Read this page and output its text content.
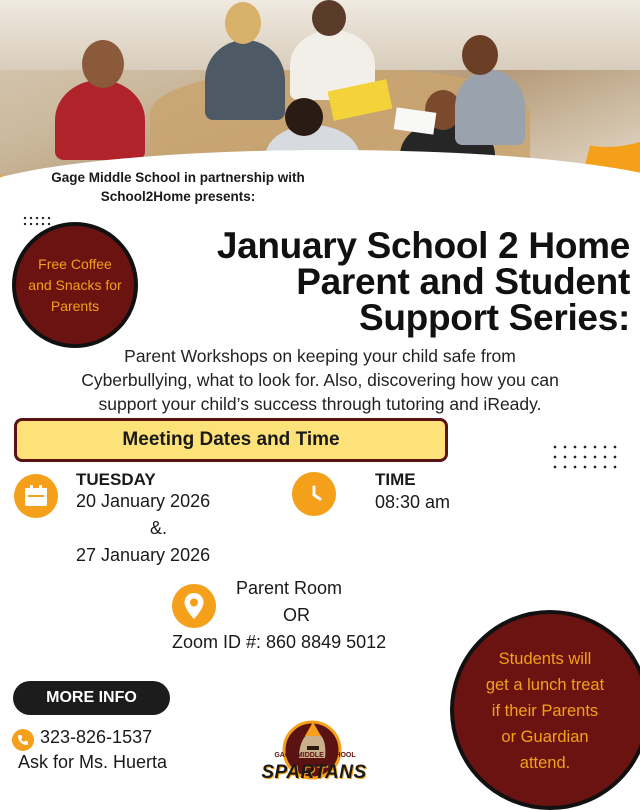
Gage Middle School in partnership with
School2Home presents:
Free Coffee
and Snacks for
Parents
January School 2 Home
Parent and Student
Support Series:
Parent Workshops on keeping your child safe from
Cyberbullying, what to look for. Also, discovering how you can
support your child’s success through tutoring and iReady.
Meeting Dates and Time
TUESDAY
20 January 2026
&.
27 January 2026
TIME
08:30 am
Parent Room
OR
Zoom ID #: 860 8849 5012
MORE INFO
323-826-1537
Ask for Ms. Huerta	GAGE MIDDLE SCHOOL
SPARTANS
Students will
get a lunch treat
if their Parents
or Guardian
attend.
